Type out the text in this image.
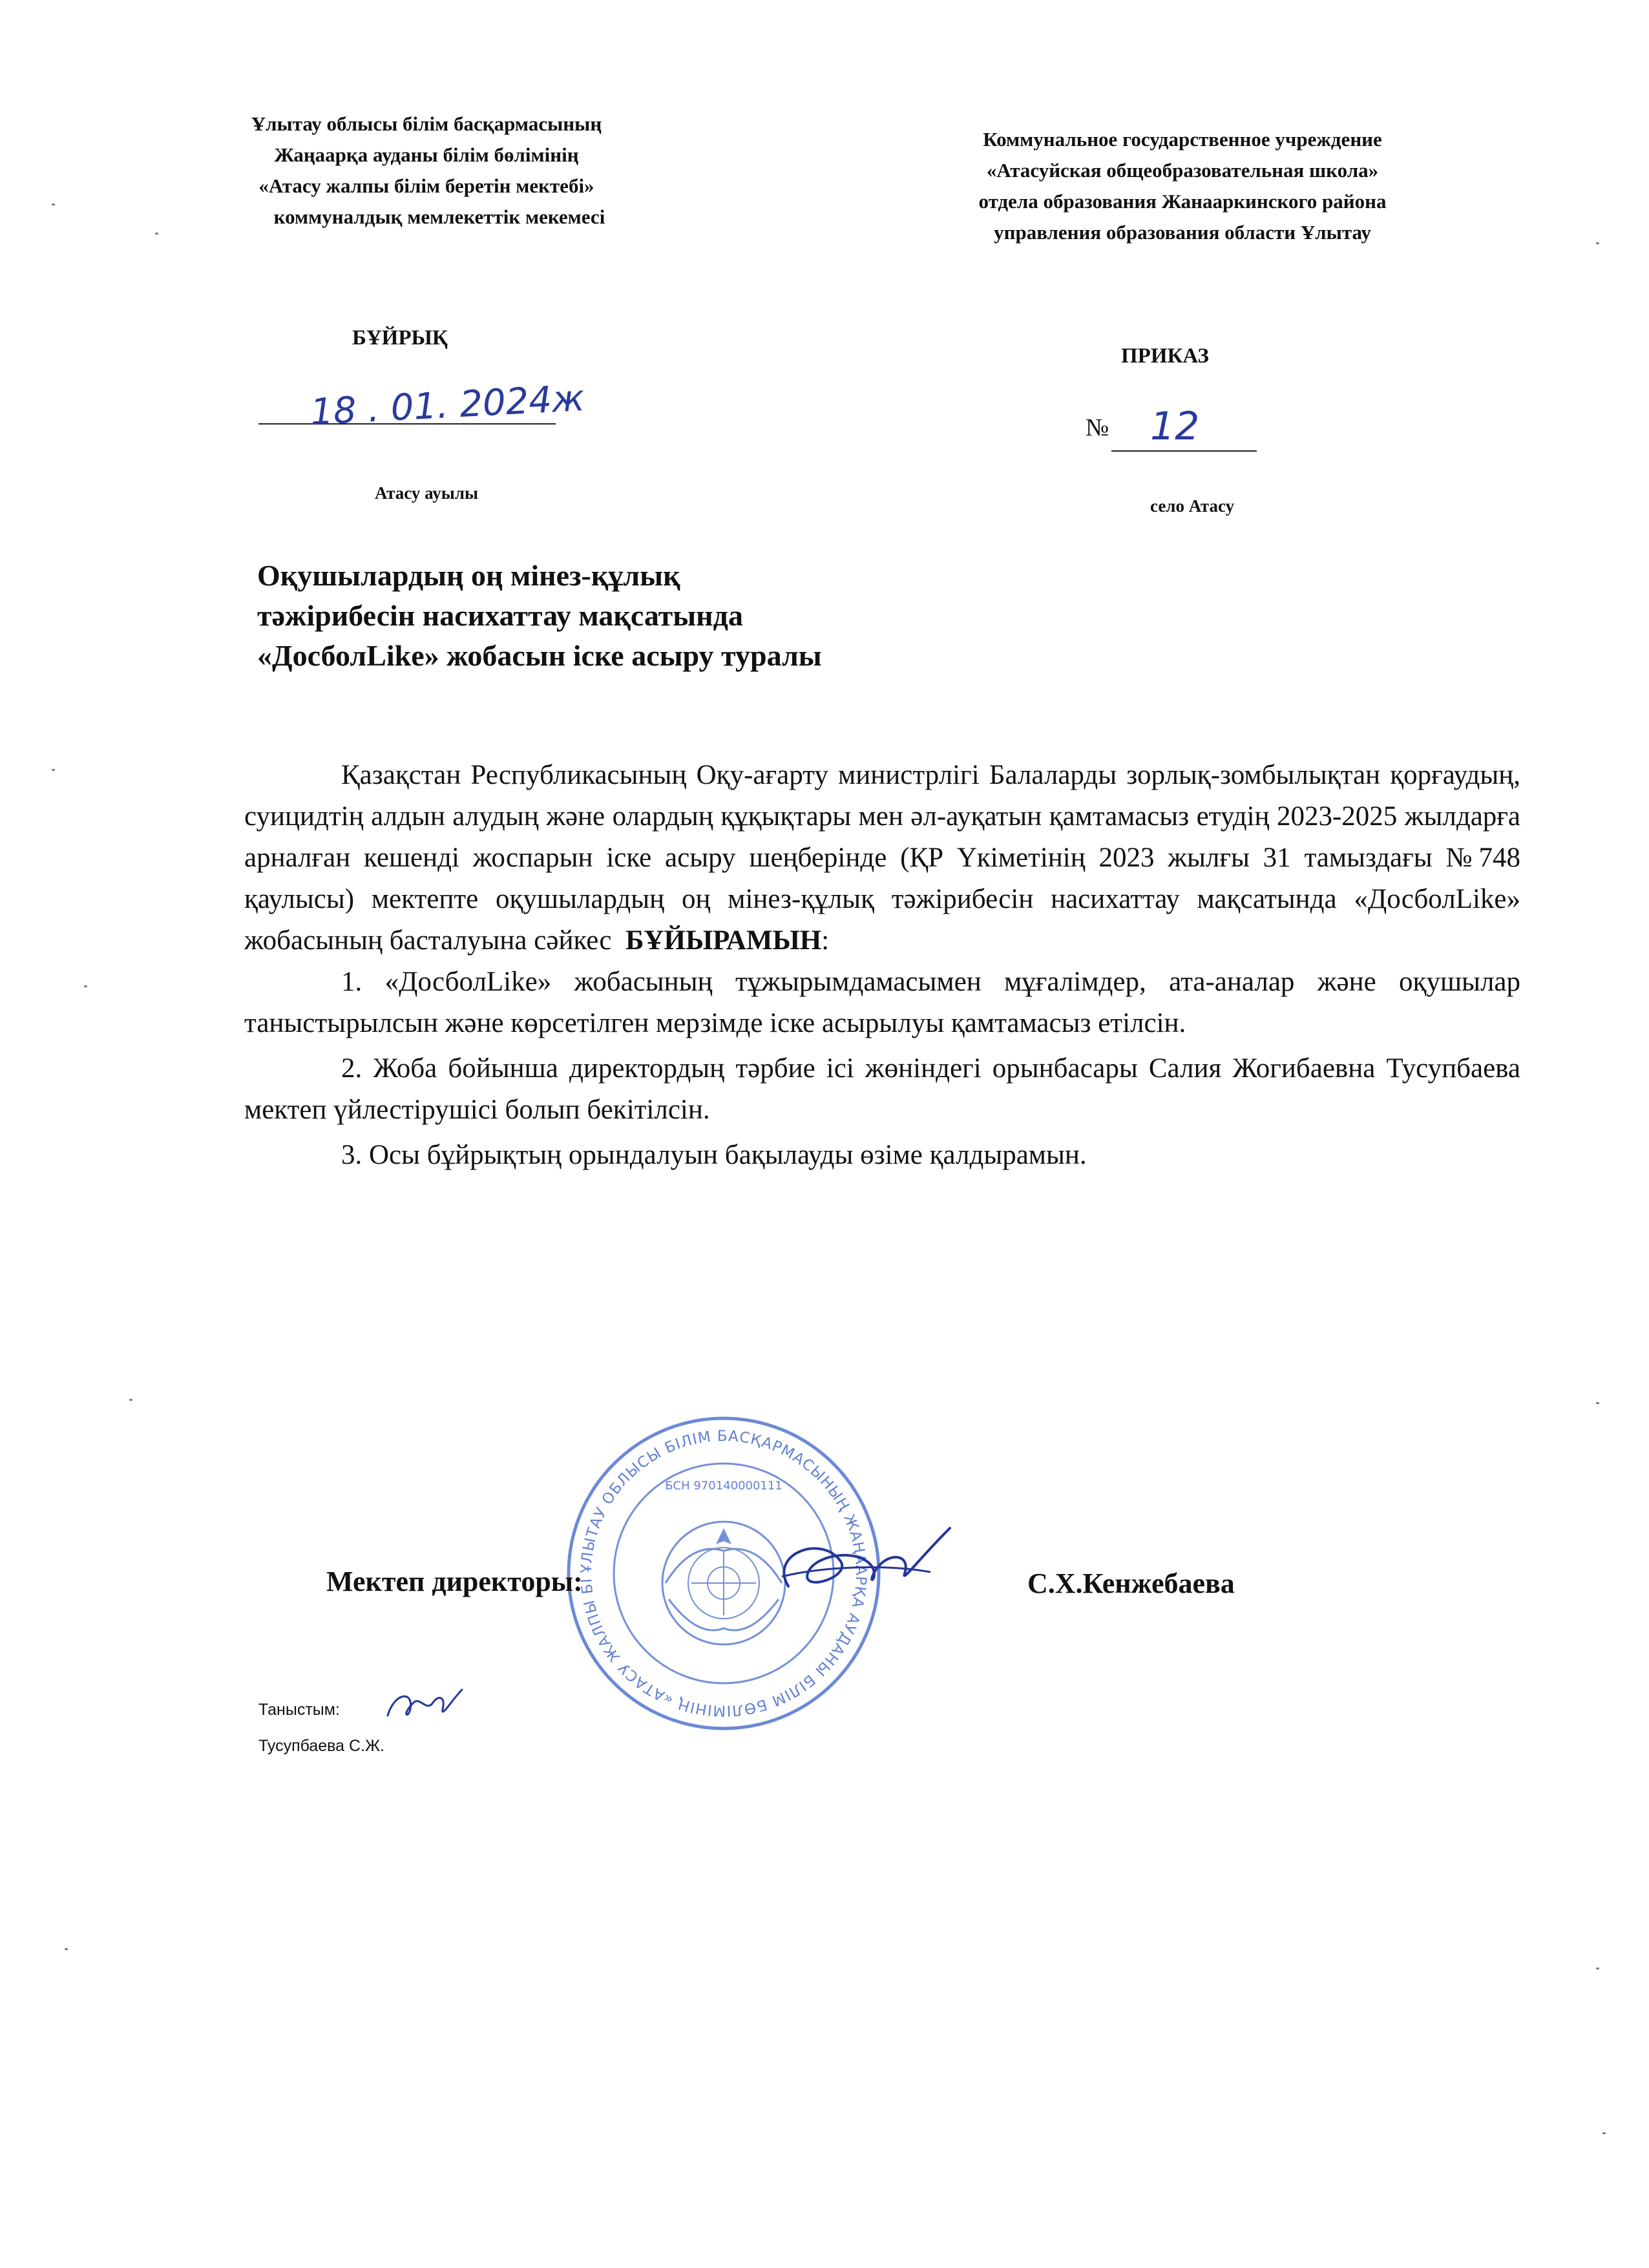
Ұлытау облысы білім басқармасының
Жаңаарқа ауданы білім бөлімінің
«Атасу жалпы білім беретін мектебі»
коммуналдық мемлекеттік мекемесі
Коммунальное государственное учреждение
«Атасуйская общеобразовательная школа»
отдела образования Жанааркинского района
управления образования области Ұлытау
БҰЙРЫҚ
ПРИКАЗ
18 . 01. 2024ж	№ 12
Атасу ауылы
село Атасу
Оқушылардың оң мінез-құлық
тәжірибесін насихаттау мақсатында
«ДосболLike» жобасын іске асыру туралы

Қазақстан Республикасының Оқу-ағарту министрлігі Балаларды зорлық-зомбылықтан қорғаудың, суицидтің алдын алудың және олардың құқықтары мен әл-ауқатын қамтамасыз етудің 2023-2025 жылдарға арналған кешенді жоспарын іске асыру шеңберінде (ҚР Үкіметінің 2023 жылғы 31 тамыздағы №748 қаулысы) мектепте оқушылардың оң мінез-құлық тәжірибесін насихаттау мақсатында «ДосболLike» жобасының басталуына сәйкес БҰЙЫРАМЫН:

1. «ДосболLike» жобасының тұжырымдамасымен мұғалімдер, ата-аналар және оқушылар таныстырылсын және көрсетілген мерзімде іске асырылуы қамтамасыз етілсін.

2. Жоба бойынша директордың тәрбие ісі жөніндегі орынбасары Салия Жогибаевна Тусупбаева мектеп үйлестірушісі болып бекітілсін.

3. Осы бұйрықтың орындалуын бақылауды өзіме қалдырамын.

ҰЛЫТАУ ОБЛЫСЫ БІЛІМ БАСҚАРМАСЫНЫҢ ЖАҢААРҚА АУДАНЫ БІЛІМ БӨЛІМІНІҢ «АТАСУ ЖАЛПЫ БІ
БСН 970140000111
Мектеп директоры:	С.Х.Кенжебаева
Таныстым:
Тусупбаева С.Ж.
